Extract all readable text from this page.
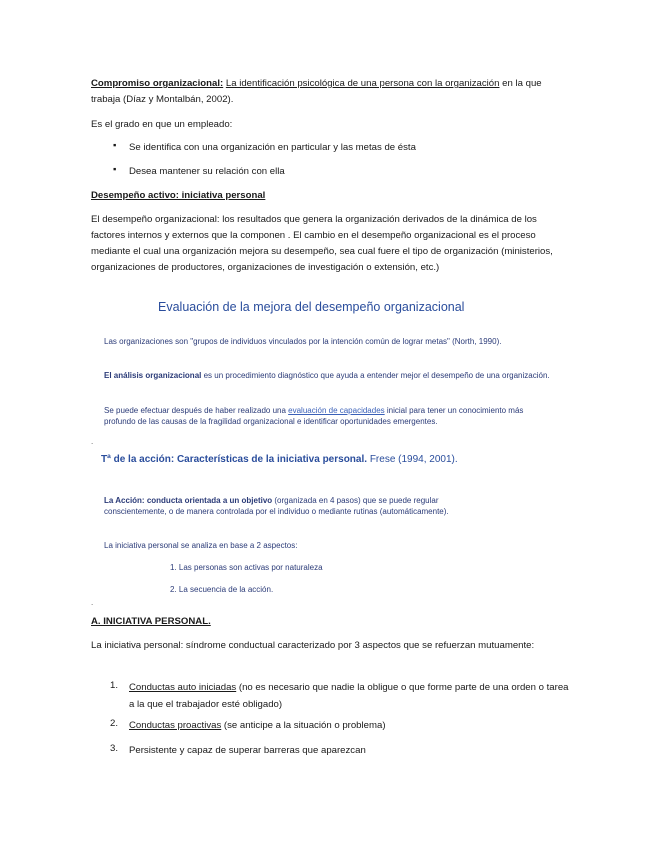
Compromiso organizacional: La identificación psicológica de una persona con la organización en la que trabaja (Díaz y Montalbán, 2002).
Es el grado en que un empleado:
▪ Se identifica con una organización en particular y las metas de ésta
▪ Desea mantener su relación con ella
Desempeño activo: iniciativa personal
El desempeño organizacional: los resultados que genera la organización derivados de la dinámica de los factores internos y externos que la componen . El cambio en el desempeño organizacional es el proceso mediante el cual una organización mejora su desempeño, sea cual fuere el tipo de organización (ministerios, organizaciones de productores, organizaciones de investigación o extensión, etc.)
Evaluación de la mejora del desempeño organizacional
Las organizaciones son "grupos de individuos vinculados por la intención común de lograr metas" (North, 1990).
El análisis organizacional es un procedimiento diagnóstico que ayuda a entender mejor el desempeño de una organización.
Se puede efectuar después de haber realizado una evaluación de capacidades inicial para tener un conocimiento más profundo de las causas de la fragilidad organizacional e identificar oportunidades emergentes.
.
Tª de la acción: Características de la iniciativa personal. Frese (1994, 2001).
La Acción: conducta orientada a un objetivo (organizada en 4 pasos) que se puede regular conscientemente, o de manera controlada por el individuo o mediante rutinas (automáticamente).
La iniciativa personal se analiza en base a 2 aspectos:
1. Las personas son activas por naturaleza
2. La secuencia de la acción.
.
A. INICIATIVA PERSONAL.
La iniciativa personal: síndrome conductual caracterizado por 3 aspectos que se refuerzan mutuamente:
1. Conductas auto iniciadas (no es necesario que nadie la obligue o que forme parte de una orden o tarea a la que el trabajador esté obligado)
2. Conductas proactivas (se anticipe a la situación o problema)
3. Persistente y capaz de superar barreras que aparezcan
